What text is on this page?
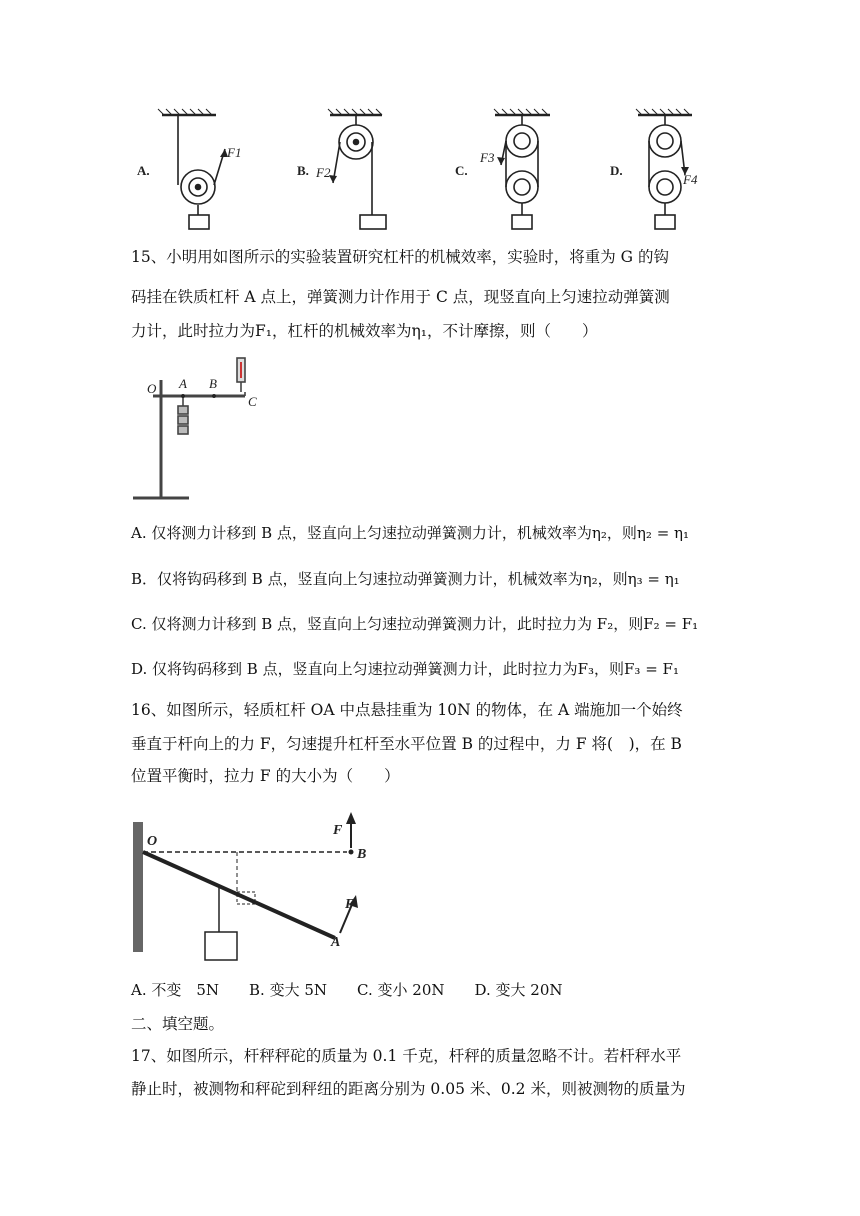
A.
F1
B. F2	C.
F3
D.
F4
15、小明用如图所示的实验装置研究杠杆的机械效率，实验时，将重为 G 的钩
码挂在铁质杠杆 A 点上，弹簧测力计作用于 C 点，现竖直向上匀速拉动弹簧测
力计，此时拉力为F₁，杠杆的机械效率为η₁，不计摩擦，则（　　）
O A B
C
A. 仅将测力计移到 B 点，竖直向上匀速拉动弹簧测力计，机械效率为η₂，则η₂ = η₁
B．仅将钩码移到 B 点，竖直向上匀速拉动弹簧测力计，机械效率为η₂，则η₃ = η₁
C. 仅将测力计移到 B 点，竖直向上匀速拉动弹簧测力计，此时拉力为 F₂，则F₂ = F₁
D. 仅将钩码移到 B 点，竖直向上匀速拉动弹簧测力计，此时拉力为F₃，则F₃ = F₁
16、如图所示，轻质杠杆 OA 中点悬挂重为 10N 的物体，在 A 端施加一个始终
垂直于杆向上的力 F，匀速提升杠杆至水平位置 B 的过程中，力 F 将(　)，在 B
位置平衡时，拉力 F 的大小为（　　）
O
F
B
F
A
A. 不变　5N　　B. 变大 5N　　C. 变小 20N　　D. 变大 20N
二、填空题。
17、如图所示，杆秤秤砣的质量为 0.1 千克，杆秤的质量忽略不计。若杆秤水平
静止时，被测物和秤砣到秤纽的距离分别为 0.05 米、0.2 米，则被测物的质量为
